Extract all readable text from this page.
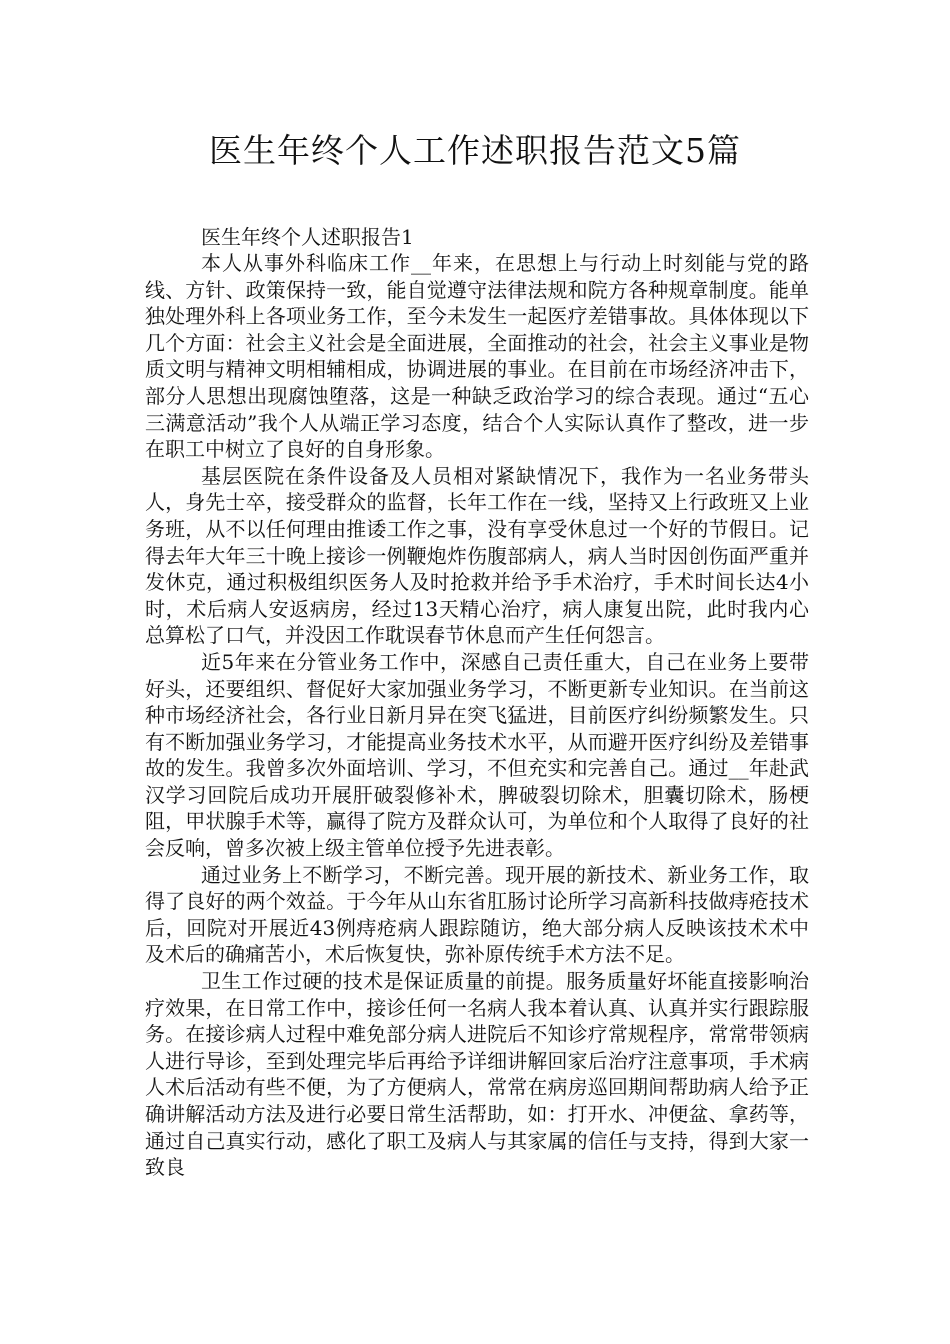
医生年终个人工作述职报告范文5篇

医生年终个人述职报告1

本人从事外科临床工作__年来，在思想上与行动上时刻能与党的路线、方针、政策保持一致，能自觉遵守法律法规和院方各种规章制度。能单独处理外科上各项业务工作，至今未发生一起医疗差错事故。具体体现以下几个方面：社会主义社会是全面进展，全面推动的社会，社会主义事业是物质文明与精神文明相辅相成，协调进展的事业。在目前在市场经济冲击下，部分人思想出现腐蚀堕落，这是一种缺乏政治学习的综合表现。通过“五心三满意活动”我个人从端正学习态度，结合个人实际认真作了整改，进一步在职工中树立了良好的自身形象。

基层医院在条件设备及人员相对紧缺情况下，我作为一名业务带头人，身先士卒，接受群众的监督，长年工作在一线，坚持又上行政班又上业务班，从不以任何理由推诿工作之事，没有享受休息过一个好的节假日。记得去年大年三十晚上接诊一例鞭炮炸伤腹部病人，病人当时因创伤面严重并发休克，通过积极组织医务人及时抢救并给予手术治疗，手术时间长达4小时，术后病人安返病房，经过13天精心治疗，病人康复出院，此时我内心总算松了口气，并没因工作耽误春节休息而产生任何怨言。

近5年来在分管业务工作中，深感自己责任重大，自己在业务上要带好头，还要组织、督促好大家加强业务学习，不断更新专业知识。在当前这种市场经济社会，各行业日新月异在突飞猛进，目前医疗纠纷频繁发生。只有不断加强业务学习，才能提高业务技术水平，从而避开医疗纠纷及差错事故的发生。我曾多次外面培训、学习，不但充实和完善自己。通过__年赴武汉学习回院后成功开展肝破裂修补术，脾破裂切除术，胆囊切除术，肠梗阻，甲状腺手术等，赢得了院方及群众认可，为单位和个人取得了良好的社会反响，曾多次被上级主管单位授予先进表彰。

通过业务上不断学习，不断完善。现开展的新技术、新业务工作，取得了良好的两个效益。于今年从山东省肛肠讨论所学习高新科技做痔疮技术后，回院对开展近43例痔疮病人跟踪随访，绝大部分病人反映该技术术中及术后的确痛苦小，术后恢复快，弥补原传统手术方法不足。

卫生工作过硬的技术是保证质量的前提。服务质量好坏能直接影响治疗效果，在日常工作中，接诊任何一名病人我本着认真、认真并实行跟踪服务。在接诊病人过程中难免部分病人进院后不知诊疗常规程序，常常带领病人进行导诊，至到处理完毕后再给予详细讲解回家后治疗注意事项，手术病人术后活动有些不便，为了方便病人，常常在病房巡回期间帮助病人给予正确讲解活动方法及进行必要日常生活帮助，如：打开水、冲便盆、拿药等，通过自己真实行动，感化了职工及病人与其家属的信任与支持，得到大家一致良
